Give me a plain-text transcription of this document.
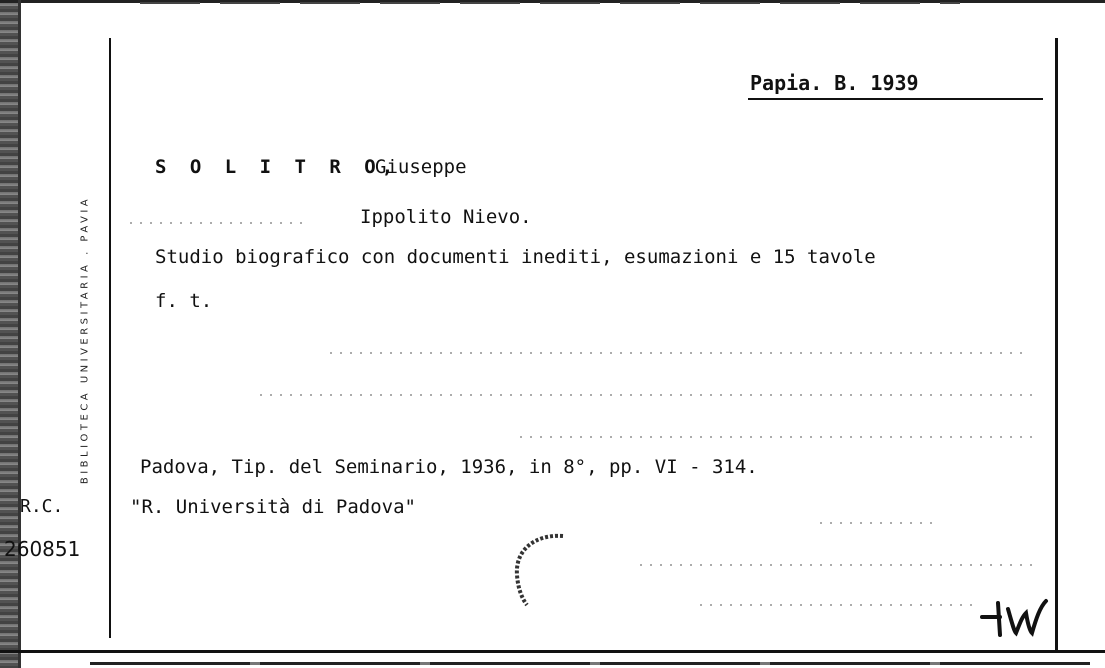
BIBLIOTECA UNIVERSITARIA . PAVIA
Papia. B. 1939
S O L I T R O,
Giuseppe
Ippolito Nievo.
Studio biografico con documenti inediti, esumazioni e 15 tavole
f. t.
Padova, Tip. del Seminario, 1936, in 8°, pp. VI - 314.
"R. Università di Padova"
R.C.
260851
